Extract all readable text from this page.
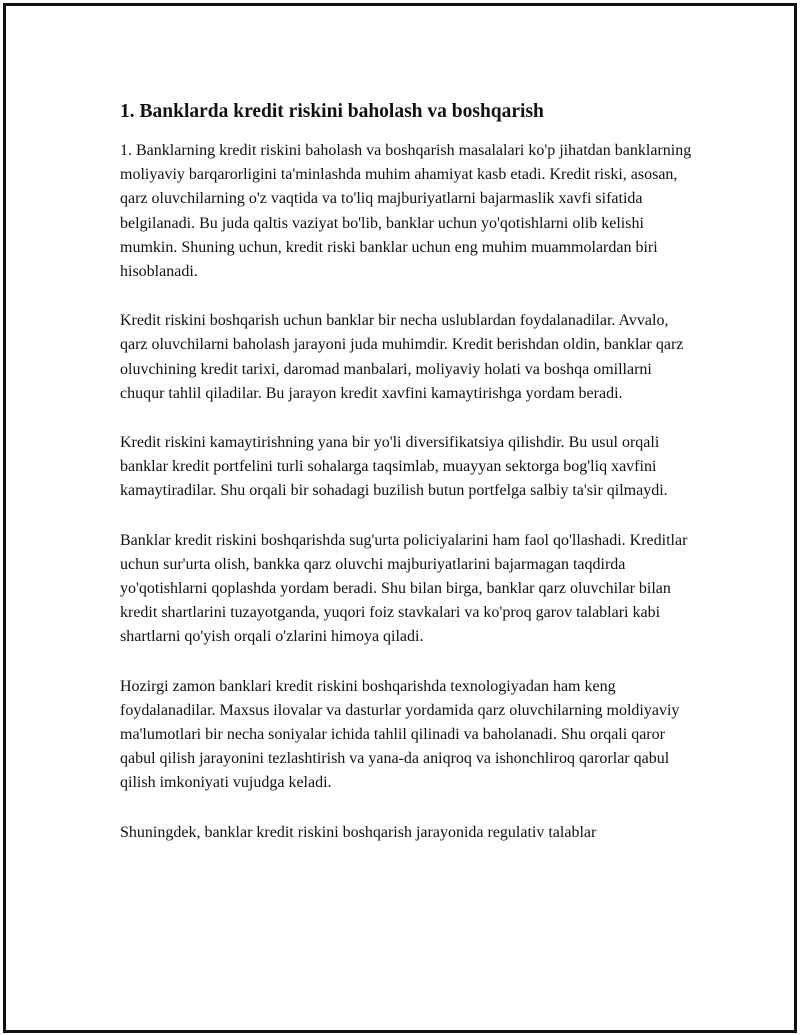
1. Banklarda kredit riskini baholash va boshqarish

1. Banklarning kredit riskini baholash va boshqarish masalalari ko'p jihatdan banklarning moliyaviy barqarorligini ta'minlashda muhim ahamiyat kasb etadi. Kredit riski, asosan, qarz oluvchilarning o'z vaqtida va to'liq majburiyatlarni bajarmaslik xavfi sifatida belgilanadi. Bu juda qaltis vaziyat bo'lib, banklar uchun yo'qotishlarni olib kelishi mumkin. Shuning uchun, kredit riski banklar uchun eng muhim muammolardan biri hisoblanadi.

Kredit riskini boshqarish uchun banklar bir necha uslublardan foydalanadilar. Avvalo, qarz oluvchilarni baholash jarayoni juda muhimdir. Kredit berishdan oldin, banklar qarz oluvchining kredit tarixi, daromad manbalari, moliyaviy holati va boshqa omillarni chuqur tahlil qiladilar. Bu jarayon kredit xavfini kamaytirishga yordam beradi.

Kredit riskini kamaytirishning yana bir yo'li diversifikatsiya qilishdir. Bu usul orqali banklar kredit portfelini turli sohalarga taqsimlab, muayyan sektorga bog'liq xavfini kamaytiradilar. Shu orqali bir sohadagi buzilish butun portfelga salbiy ta'sir qilmaydi.

Banklar kredit riskini boshqarishda sug'urta policiyalarini ham faol qo'llashadi. Kreditlar uchun sur'urta olish, bankka qarz oluvchi majburiyatlarini bajarmagan taqdirda yo'qotishlarni qoplashda yordam beradi. Shu bilan birga, banklar qarz oluvchilar bilan kredit shartlarini tuzayotganda, yuqori foiz stavkalari va ko'proq garov talablari kabi shartlarni qo'yish orqali o'zlarini himoya qiladi.

Hozirgi zamon banklari kredit riskini boshqarishda texnologiyadan ham keng foydalanadilar. Maxsus ilovalar va dasturlar yordamida qarz oluvchilarning moldiyaviy ma'lumotlari bir necha soniyalar ichida tahlil qilinadi va baholanadi. Shu orqali qaror qabul qilish jarayonini tezlashtirish va yana-da aniqroq va ishonchliroq qarorlar qabul qilish imkoniyati vujudga keladi.

Shuningdek, banklar kredit riskini boshqarish jarayonida regulativ talablar
